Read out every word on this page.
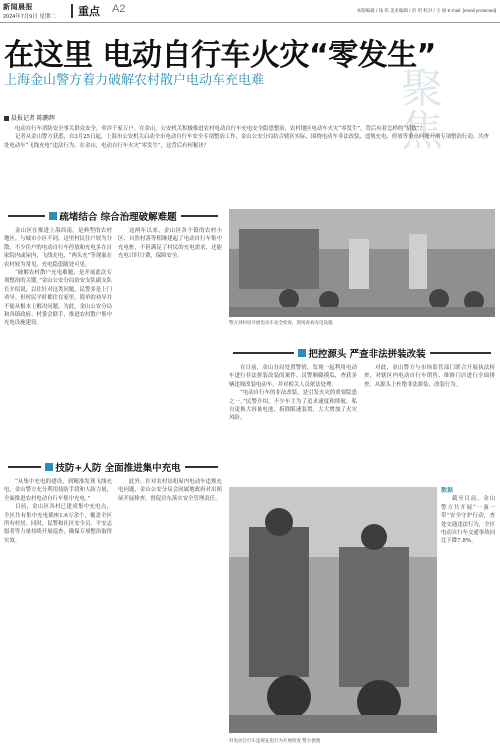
新闻晨报
2024年7月9日 星期二 重点 A2	本版编辑 / 钱 伟 美术编辑 / 洪 玥 校对 / 王 丽 E-mail: [email protected]
聚焦
在这里 电动自行车火灾“零发生”
上海金山警方着力破解农村散户电动车充电难
晨报记者 陈鹏辉

电动自行车消防安全事关群众安全，牵涉千家万户。在金山，公安机关积极推进农村电动自行车充电安全隐患整治，农村地区电动车火灾“零发生”，背后有着怎样的“招数”？

记者从金山警方获悉，自3月25日起，上海市公安机关启动全市电动自行车安全专项整治工作，金山公安分局结合辖区实际，围绕电动车非法改装、违规充电、停放等重点问题开展专项整治行动，共查处电动车“飞线充电”违法行为。在金山，电动自行车火灾“零发生”，这背后有何秘诀？

疏堵结合 综合治理破解难题
警方到村居开展电动车安全检查，现场查看充电设施

金山区在推进上海西南，是典型的农村地区。与城市小区不同，这里村民住户较为分散，不少住户的电动自行车停放和充电多在自家院内或屋内，飞线充电、“两头充”等现象在农村较为常见，充电隐患随处可见。

“破解农村散户充电难题，是开展此次专项整治的关键。”金山公安分局治安支队副支队长介绍说，以往针对这类问题，民警多是上门劝导。但村民平时都住在家里，简单的劝导并不能从根本上解决问题。为此，金山公安分局和各镇政府、村委会联手，推进农村散户集中充电设施建设。

这两年以来，金山区各个镇的农村小区、自然村落等相继建起了电动自行车集中充电桩，不但满足了村民的充电需求，还能充电计时计费，保障安全。

把控源头 严查非法拼装改装

在日前，金山分局处置警情，发现一起利用电动车进行非法拼装改装的案件。民警顺藤摸瓜，查获多辆违规改装电动车，并对相关人员依法处理。

“电动自行车的非法改装，是引发火灾的重要隐患之一。”民警介绍，不少车主为了追求速度和续航，私自更换大容量电池、拆除限速装置，大大增加了火灾风险。

对此，金山警方与市场监管部门联合开展执法检查，对辖区内电动自行车销售、维修门店进行全面排查，从源头上杜绝非法拼装、改装行为。

技防+人防 全面推进集中充电

“从集中充电的建设，到精准发现飞线充电，金山警方充分利用技防手段和人防力量，全面推进农村电动自行车集中充电。”

目前，金山区各村已建成集中充电点，全区共有集中充电插座1.6万余个，覆盖全区所有村居。同时，民警和社区安全员、平安志愿者等力量持续开展巡查，确保专项整治取得实效。

此外，针对农村出租屋内电动车违规充电问题，金山公安分局会同属地政府对出租屋开展排查，督促房东落实安全管理责任。

对电动自行车违规充电行为开展检查 警方供图
数据

截至目前，金山警方共开展“一盔一带”安全守护行动，查处交通违法行为，全区电动自行车交通事故同比下降7.8%。
